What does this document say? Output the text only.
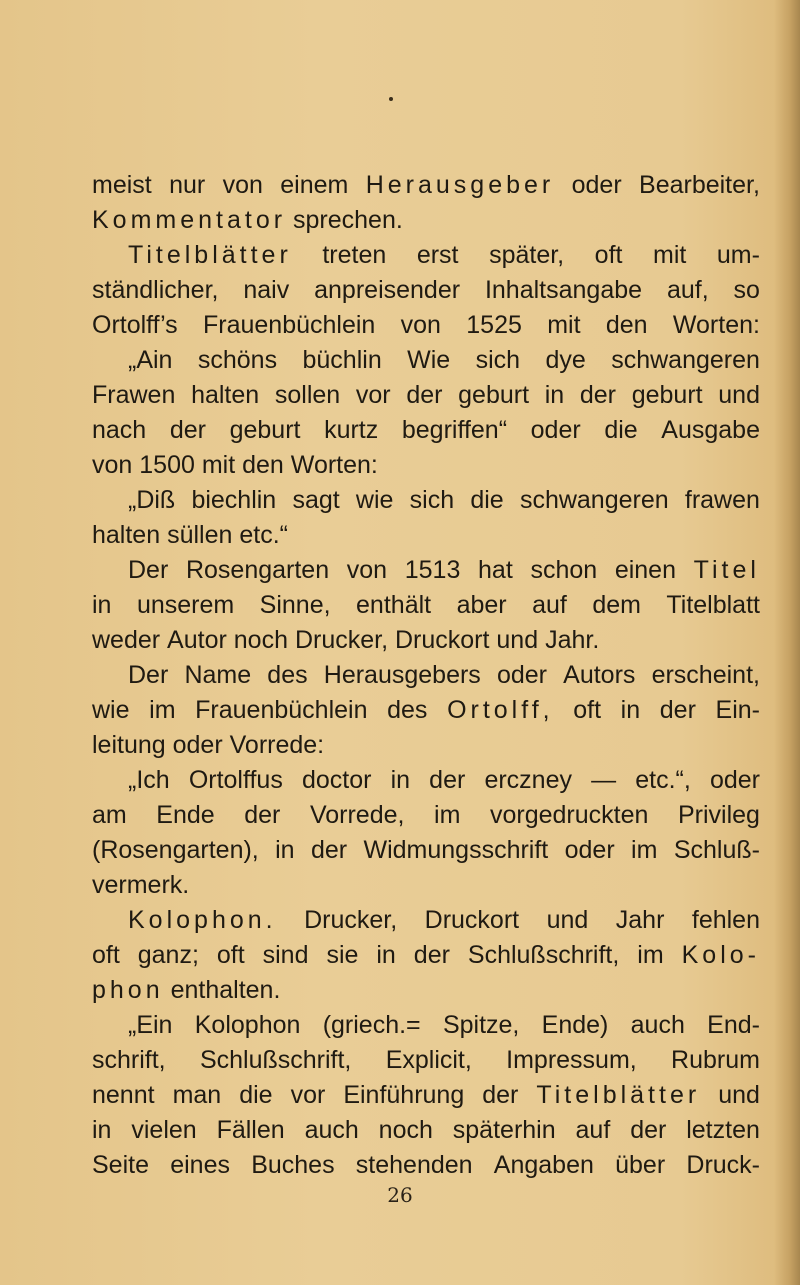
meist nur von einem Herausgeber oder Bearbeiter,
Kommentator
sprechen.
Titelblätter treten erst später, oft mit um-
ständlicher, naiv anpreisender Inhaltsangabe auf, so
Ortolff’s Frauenbüchlein von 1525 mit den Worten:
„Ain schöns büchlin Wie sich dye schwangeren
Frawen halten sollen vor der geburt in der geburt und
nach der geburt kurtz begriffen“ oder die Ausgabe
von
1500
mit
den
Worten:
„Diß biechlin sagt wie sich die schwangeren frawen
halten
süllen
etc.“
Der Rosengarten von 1513 hat schon einen Titel
in unserem Sinne, enthält aber auf dem Titelblatt
weder
Autor
noch
Drucker,
Druckort
und
Jahr.
Der Name des Herausgebers oder Autors erscheint,
wie im Frauenbüchlein des Ortolff, oft in der Ein-
leitung
oder
Vorrede:
„Ich Ortolffus doctor in der erczney — etc.“, oder
am Ende der Vorrede, im vorgedruckten Privileg
(Rosengarten), in der Widmungsschrift oder im Schluß-
vermerk.
Kolophon. Drucker, Druckort und Jahr fehlen
oft ganz; oft sind sie in der Schlußschrift, im Kolo-
phon
enthalten.
„Ein Kolophon (griech.= Spitze, Ende) auch End-
schrift, Schlußschrift, Explicit, Impressum, Rubrum
nennt man die vor Einführung der Titelblätter und
in vielen Fällen auch noch späterhin auf der letzten
Seite eines Buches stehenden Angaben über Druck-
26
